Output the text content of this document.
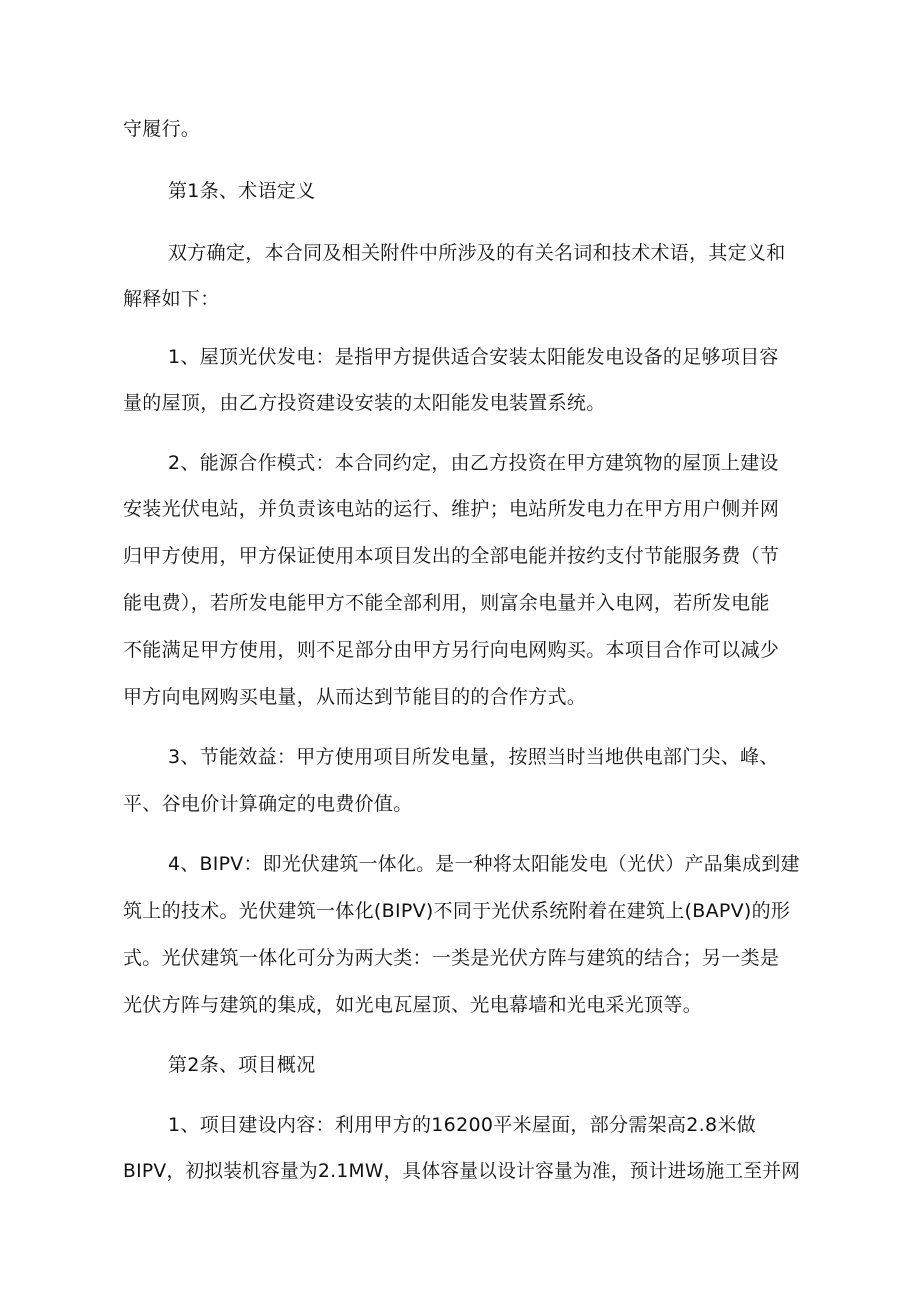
守履行。

第1条、术语定义

双方确定，本合同及相关附件中所涉及的有关名词和技术术语，其定义和

解释如下：

1、屋顶光伏发电：是指甲方提供适合安装太阳能发电设备的足够项目容

量的屋顶，由乙方投资建设安装的太阳能发电装置系统。

2、能源合作模式：本合同约定，由乙方投资在甲方建筑物的屋顶上建设

安装光伏电站，并负责该电站的运行、维护；电站所发电力在甲方用户侧并网

归甲方使用，甲方保证使用本项目发出的全部电能并按约支付节能服务费（节

能电费），若所发电能甲方不能全部利用，则富余电量并入电网，若所发电能

不能满足甲方使用，则不足部分由甲方另行向电网购买。本项目合作可以减少

甲方向电网购买电量，从而达到节能目的的合作方式。

3、节能效益：甲方使用项目所发电量，按照当时当地供电部门尖、峰、

平、谷电价计算确定的电费价值。

4、BIPV：即光伏建筑一体化。是一种将太阳能发电（光伏）产品集成到建

筑上的技术。光伏建筑一体化(BIPV)不同于光伏系统附着在建筑上(BAPV)的形

式。光伏建筑一体化可分为两大类：一类是光伏方阵与建筑的结合；另一类是

光伏方阵与建筑的集成，如光电瓦屋顶、光电幕墙和光电采光顶等。

第2条、项目概况

1、项目建设内容：利用甲方的16200平米屋面，部分需架高2.8米做

BIPV，初拟装机容量为2.1MW，具体容量以设计容量为准，预计进场施工至并网
